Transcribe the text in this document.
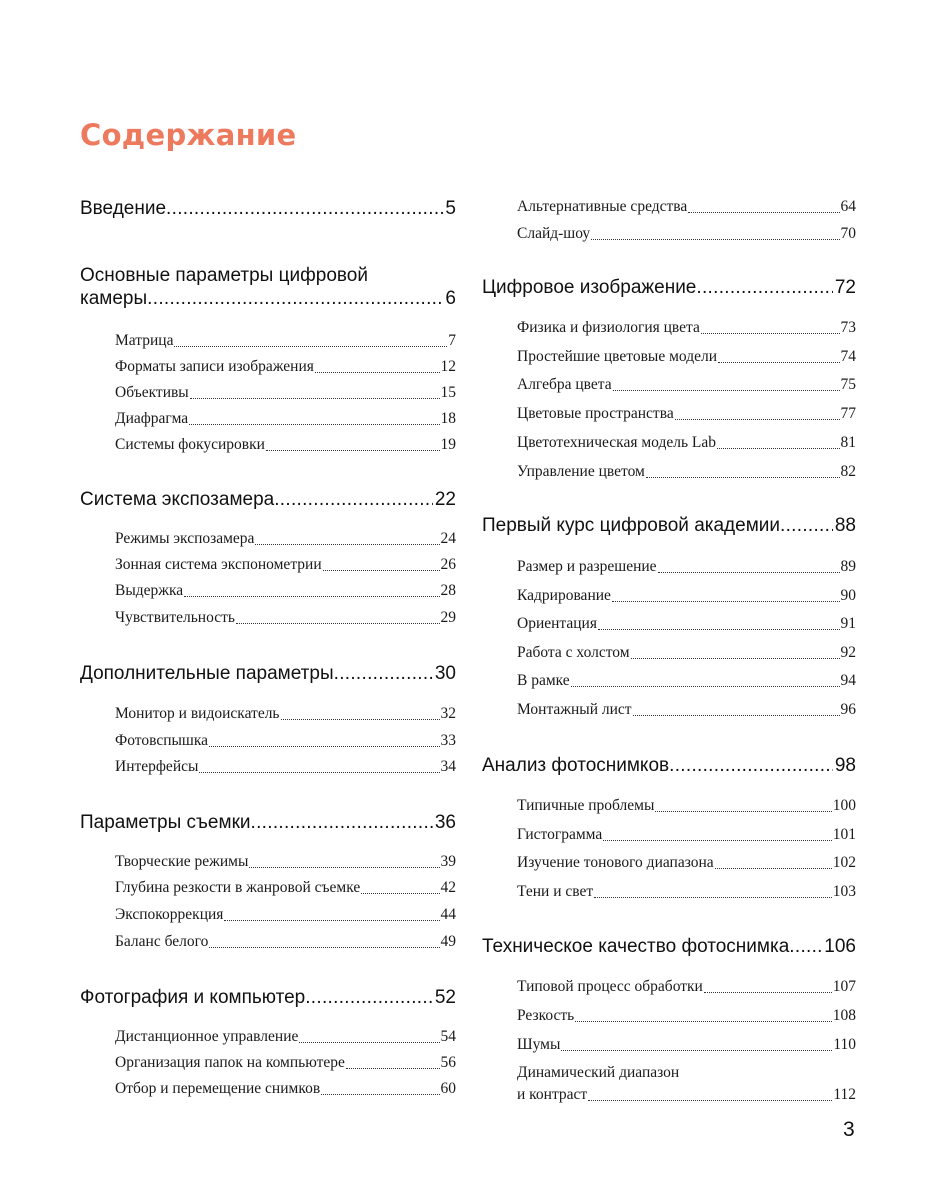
Содержание
Введение .....	5
Основные параметры цифровой
камеры .....	6
Матрица	7
Форматы записи изображения	12
Объективы	15
Диафрагма	18
Системы фокусировки	19
Система экспозамера .....	22
Режимы экспозамера	24
Зонная система экспонометрии	26
Выдержка	28
Чувствительность	29
Дополнительные параметры .....	30
Монитор и видоискатель	32
Фотовспышка	33
Интерфейсы	34
Параметры съемки .....	36
Творческие режимы	39
Глубина резкости в жанровой съемке	42
Экспокоррекция	44
Баланс белого	49
Фотография и компьютер .....	52
Дистанционное управление	54
Организация папок на компьютере	56
Отбор и перемещение снимков	60
Альтернативные средства	64
Слайд-шоу	70
Цифровое изображение .....	72
Физика и физиология цвета	73
Простейшие цветовые модели	74
Алгебра цвета	75
Цветовые пространства	77
Цветотехническая модель Lab	81
Управление цветом	82
Первый курс цифровой академии .....	88
Размер и разрешение	89
Кадрирование	90
Ориентация	91
Работа с холстом	92
В рамке	94
Монтажный лист	96
Анализ фотоснимков .....	98
Типичные проблемы	100
Гистограмма	101
Изучение тонового диапазона	102
Тени и свет	103
Техническое качество фотоснимка ..... 106
Типовой процесс обработки	107
Резкость	108
Шумы	110
Динамический диапазон
и контраст	112
3
